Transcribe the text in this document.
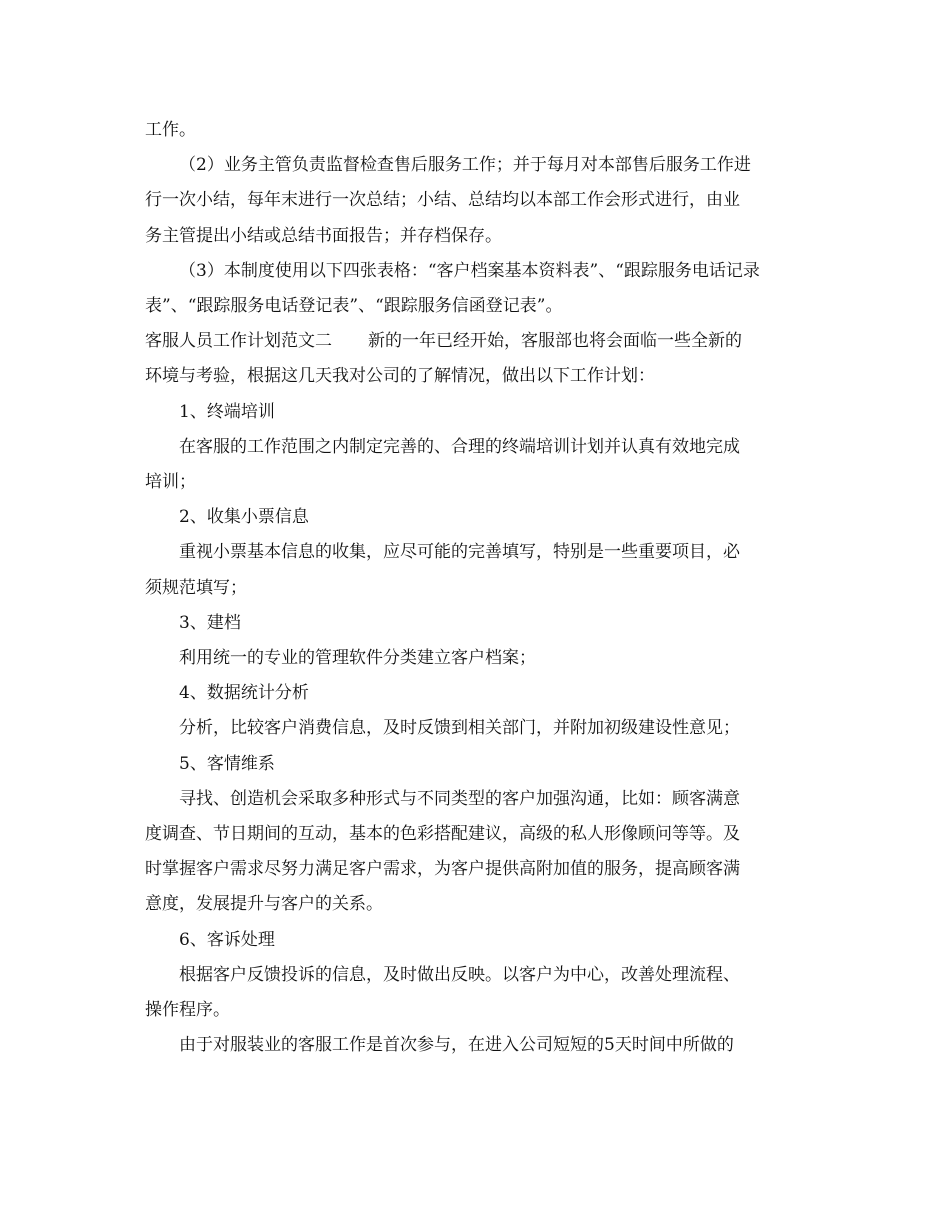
工作。

（2）业务主管负责监督检查售后服务工作；并于每月对本部售后服务工作进

行一次小结，每年末进行一次总结；小结、总结均以本部工作会形式进行，由业

务主管提出小结或总结书面报告；并存档保存。

（3）本制度使用以下四张表格：“客户档案基本资料表”、“跟踪服务电话记录

表”、“跟踪服务电话登记表”、“跟踪服务信函登记表”。

客服人员工作计划范文二 新的一年已经开始，客服部也将会面临一些全新的

环境与考验，根据这几天我对公司的了解情况，做出以下工作计划：

1、终端培训

在客服的工作范围之内制定完善的、合理的终端培训计划并认真有效地完成

培训；

2、收集小票信息

重视小票基本信息的收集，应尽可能的完善填写，特别是一些重要项目，必

须规范填写；

3、建档

利用统一的专业的管理软件分类建立客户档案；

4、数据统计分析

分析，比较客户消费信息，及时反馈到相关部门，并附加初级建设性意见；

5、客情维系

寻找、创造机会采取多种形式与不同类型的客户加强沟通，比如：顾客满意

度调查、节日期间的互动，基本的色彩搭配建议，高级的私人形像顾问等等。及

时掌握客户需求尽努力满足客户需求，为客户提供高附加值的服务，提高顾客满

意度，发展提升与客户的关系。

6、客诉处理

根据客户反馈投诉的信息，及时做出反映。以客户为中心，改善处理流程、

操作程序。

由于对服装业的客服工作是首次参与，在进入公司短短的5天时间中所做的
